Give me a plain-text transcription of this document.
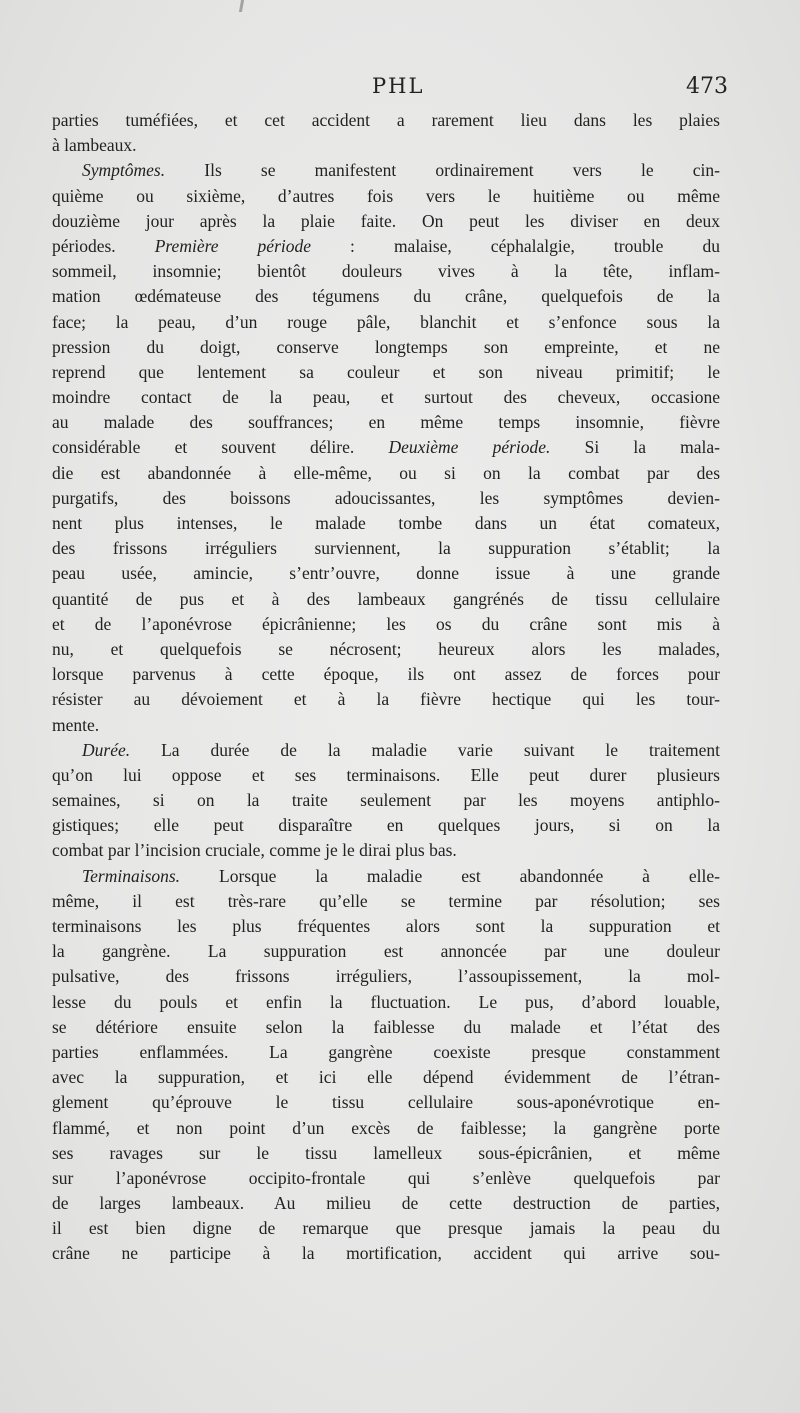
PHL	473
parties tuméfiées, et cet accident a rarement lieu dans les plaies
à lambeaux.
Symptômes. Ils se manifestent ordinairement vers le cin-
quième ou sixième, d’autres fois vers le huitième ou même
douzième jour après la plaie faite. On peut les diviser en deux
périodes. Première période : malaise, céphalalgie, trouble du
sommeil, insomnie; bientôt douleurs vives à la tête, inflam-
mation œdémateuse des tégumens du crâne, quelquefois de la
face; la peau, d’un rouge pâle, blanchit et s’enfonce sous la
pression du doigt, conserve longtemps son empreinte, et ne
reprend que lentement sa couleur et son niveau primitif; le
moindre contact de la peau, et surtout des cheveux, occasione
au malade des souffrances; en même temps insomnie, fièvre
considérable et souvent délire. Deuxième période. Si la mala-
die est abandonnée à elle-même, ou si on la combat par des
purgatifs, des boissons adoucissantes, les symptômes devien-
nent plus intenses, le malade tombe dans un état comateux,
des frissons irréguliers surviennent, la suppuration s’établit; la
peau usée, amincie, s’entr’ouvre, donne issue à une grande
quantité de pus et à des lambeaux gangrénés de tissu cellulaire
et de l’aponévrose épicrânienne; les os du crâne sont mis à
nu, et quelquefois se nécrosent; heureux alors les malades,
lorsque parvenus à cette époque, ils ont assez de forces pour
résister au dévoiement et à la fièvre hectique qui les tour-
mente.
Durée. La durée de la maladie varie suivant le traitement
qu’on lui oppose et ses terminaisons. Elle peut durer plusieurs
semaines, si on la traite seulement par les moyens antiphlo-
gistiques; elle peut disparaître en quelques jours, si on la
combat par l’incision cruciale, comme je le dirai plus bas.
Terminaisons. Lorsque la maladie est abandonnée à elle-
même, il est très-rare qu’elle se termine par résolution; ses
terminaisons les plus fréquentes alors sont la suppuration et
la gangrène. La suppuration est annoncée par une douleur
pulsative, des frissons irréguliers, l’assoupissement, la mol-
lesse du pouls et enfin la fluctuation. Le pus, d’abord louable,
se détériore ensuite selon la faiblesse du malade et l’état des
parties enflammées. La gangrène coexiste presque constamment
avec la suppuration, et ici elle dépend évidemment de l’étran-
glement qu’éprouve le tissu cellulaire sous-aponévrotique en-
flammé, et non point d’un excès de faiblesse; la gangrène porte
ses ravages sur le tissu lamelleux sous-épicrânien, et même
sur l’aponévrose occipito-frontale qui s’enlève quelquefois par
de larges lambeaux. Au milieu de cette destruction de parties,
il est bien digne de remarque que presque jamais la peau du
crâne ne participe à la mortification, accident qui arrive sou-
